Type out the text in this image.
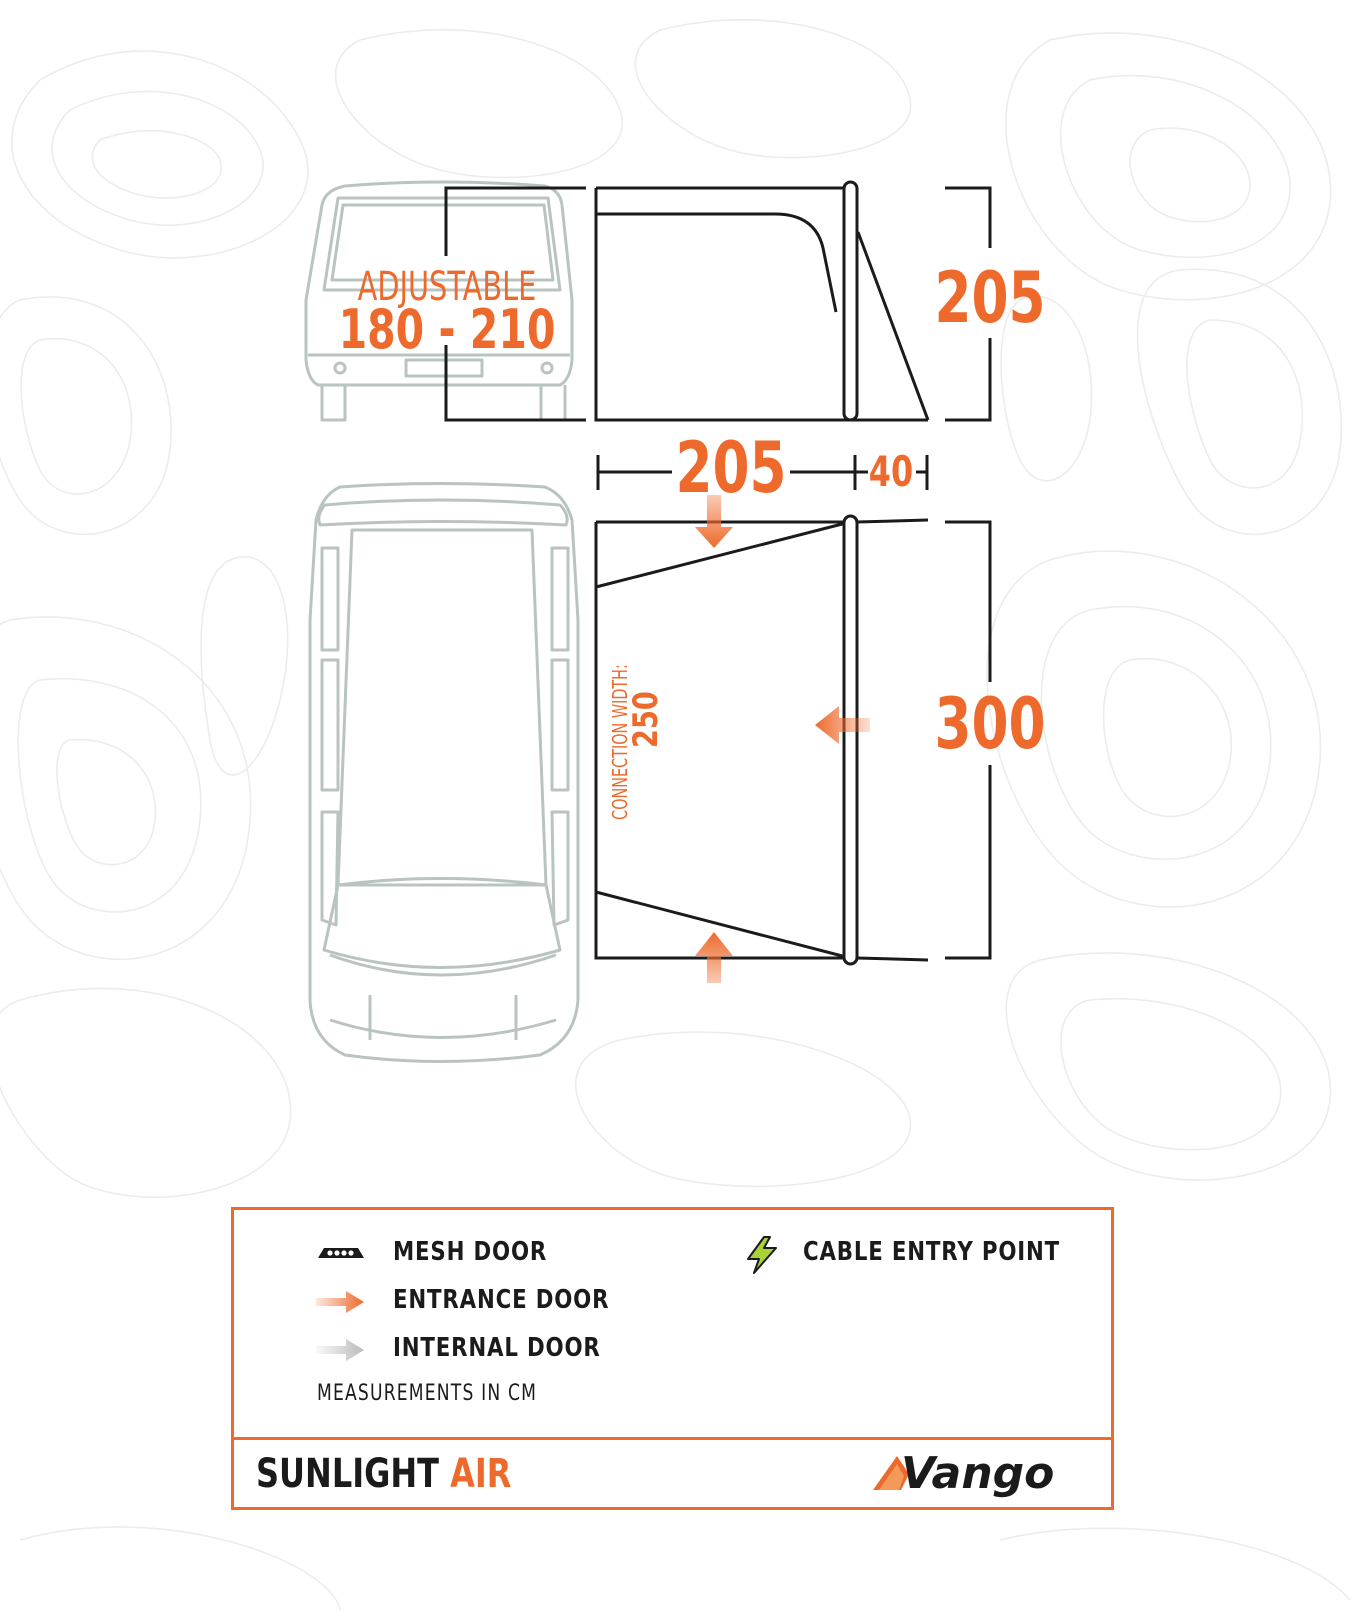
ADJUSTABLE
180 - 210	205
205 40
300
CONNECTION WIDTH:
250
MESH DOOR
ENTRANCE DOOR
INTERNAL DOOR
MEASUREMENTS IN CM
CABLE ENTRY POINT
SUNLIGHT AIR	Vango
